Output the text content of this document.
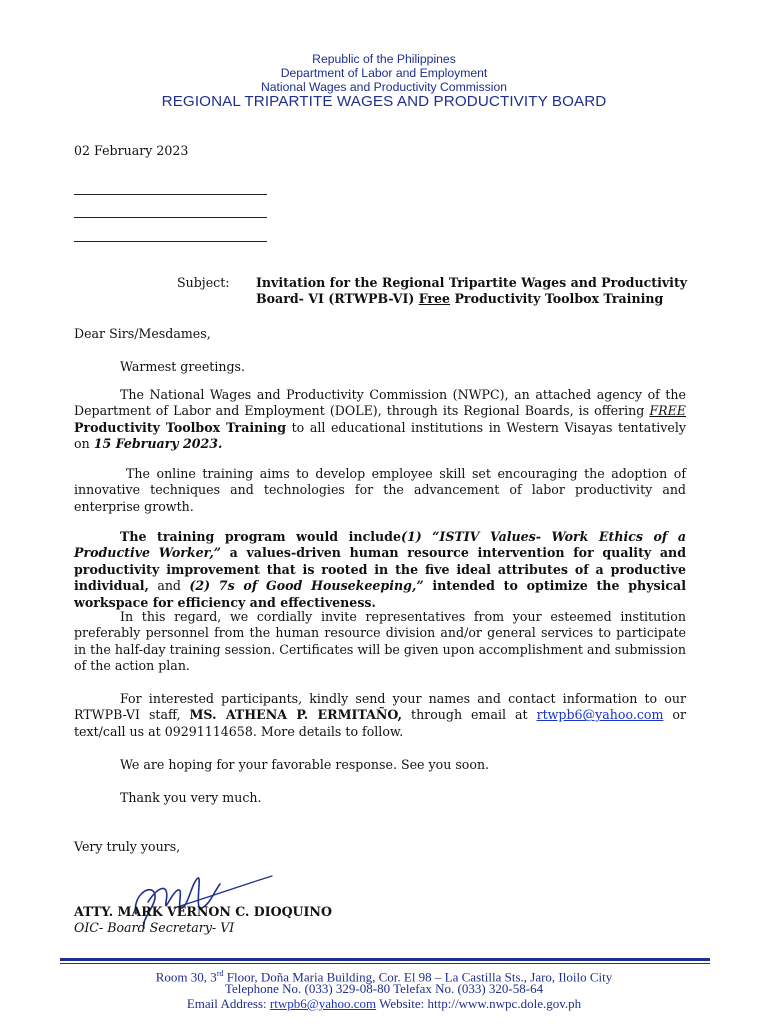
Republic of the Philippines
Department of Labor and Employment
National Wages and Productivity Commission
REGIONAL TRIPARTITE WAGES AND PRODUCTIVITY BOARD
02 February 2023
Subject: Invitation for the Regional Tripartite Wages and Productivity
Board- VI (RTWPB-VI) Free Productivity Toolbox Training
Dear Sirs/Mesdames,
Warmest greetings.
The National Wages and Productivity Commission (NWPC), an attached agency of the Department of Labor and Employment (DOLE), through its Regional Boards, is offering FREE Productivity Toolbox Training to all educational institutions in Western Visayas tentatively on 15 February 2023.
The online training aims to develop employee skill set encouraging the adoption of innovative techniques and technologies for the advancement of labor productivity and enterprise growth.
The training program would include(1) “ISTIV Values- Work Ethics of a Productive Worker,” a values-driven human resource intervention for quality and productivity improvement that is rooted in the five ideal attributes of a productive individual, and (2) 7s of Good Housekeeping,” intended to optimize the physical workspace for efficiency and effectiveness.
In this regard, we cordially invite representatives from your esteemed institution preferably personnel from the human resource division and/or general services to participate in the half-day training session. Certificates will be given upon accomplishment and submission of the action plan.
For interested participants, kindly send your names and contact information to our RTWPB-VI staff, MS. ATHENA P. ERMITAÑO, through email at rtwpb6@yahoo.com or text/call us at 09291114658. More details to follow.
We are hoping for your favorable response. See you soon.
Thank you very much.
Very truly yours,
ATTY. MARK VERNON C. DIOQUINO
OIC- Board Secretary- VI
Room 30, 3rd Floor, Doña Maria Building, Cor. El 98 – La Castilla Sts., Jaro, Iloilo City
Telephone No. (033) 329-08-80 Telefax No. (033) 320-58-64
Email Address: rtwpb6@yahoo.com Website: http://www.nwpc.dole.gov.ph
